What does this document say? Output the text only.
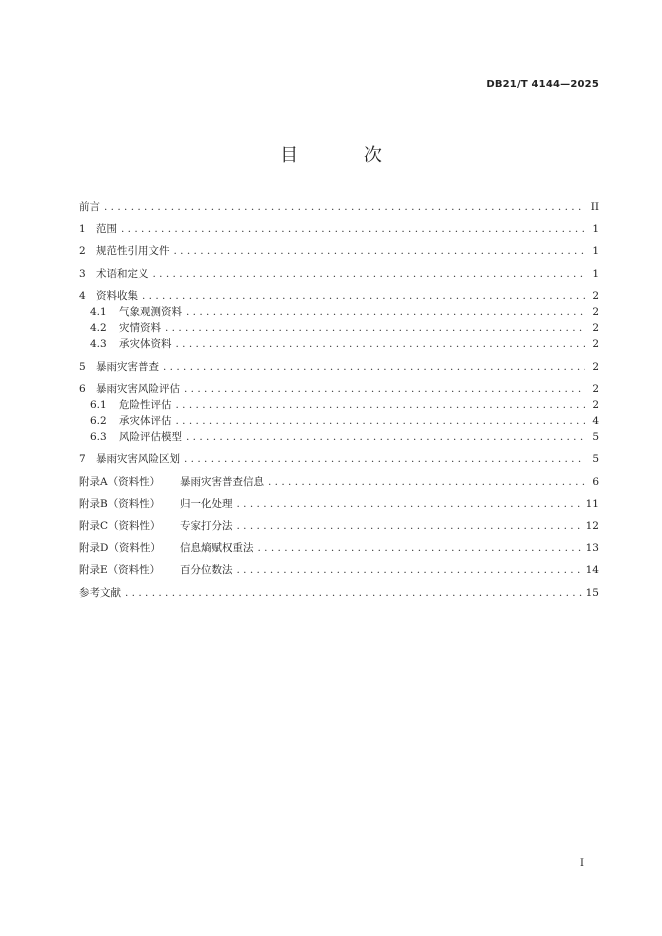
DB21/T 4144—2025
目 次
前言 . . .	II
1 范围 . . .	1
2 规范性引用文件 . . .	1
3 术语和定义 . . .	1
4 资料收集 . . .	2
4.1	气象观测资料 . . .	2
4.2	灾情资料 . . .	2
4.3	承灾体资料 . . .	2
5 暴雨灾害普查 . . .	2
6 暴雨灾害风险评估 . . .	2
6.1	危险性评估 . . .	2
6.2	承灾体评估 . . .	4
6.3	风险评估模型 . . .	5
7 暴雨灾害风险区划 . . .	5
附录A（资料性）	暴雨灾害普查信息 . . .	6
附录B（资料性）	归一化处理 . . .	11
附录C（资料性）	专家打分法 . . .	12
附录D（资料性）	信息熵赋权重法 . . .	13
附录E（资料性）	百分位数法 . . .	14
参考文献 . . .	15
I
